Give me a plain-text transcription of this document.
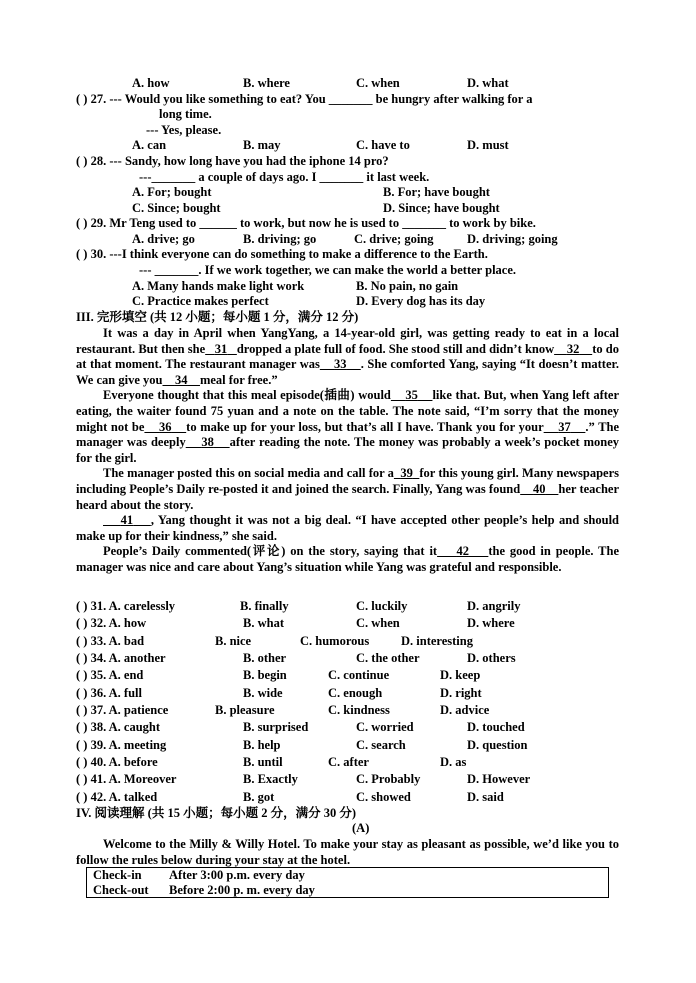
A. how	B. where	C. when	D. what
( ) 27. --- Would you like something to eat? You _______ be hungry after walking for a
long time.
--- Yes, please.
A. can	B. may	C. have to	D. must
( ) 28. --- Sandy, how long have you had the iphone 14 pro?
---_______ a couple of days ago. I _______ it last week.
A. For; bought	B. For; have bought
C. Since; bought	D. Since; have bought
( ) 29. Mr Teng used to ______ to work, but now he is used to _______ to work by bike.
A. drive; go	B. driving; go	C. drive; going	D. driving; going
( ) 30. ---I think everyone can do something to make a difference to the Earth.
--- _______. If we work together, we can make the world a better place.
A. Many hands make light work	B. No pain, no gain
C. Practice makes perfect	D. Every dog has its day
III. 完形填空 (共 12 小题；每小题 1 分，满分 12 分)

It was a day in April when YangYang, a 14-year-old girl, was getting ready to eat in a local restaurant. But then she 31 dropped a plate full of food. She stood still and didn’t know 32 to do at that moment. The restaurant manager was 33 . She comforted Yang, saying “It doesn’t matter. We can give you 34 meal for free.”

Everyone thought that this meal episode(插曲) would 35 like that. But, when Yang left after eating, the waiter found 75 yuan and a note on the table. The note said, “I’m sorry that the money might not be 36 to make up for your loss, but that’s all I have. Thank you for your 37 .” The manager was deeply 38 after reading the note. The money was probably a week’s pocket money for the girl.

The manager posted this on social media and call for a 39 for this young girl. Many newspapers including People’s Daily re-posted it and joined the search. Finally, Yang was found 40 her teacher heard about the story.

41 , Yang thought it was not a big deal. “I have accepted other people’s help and should make up for their kindness,” she said.

People’s Daily commented(评论) on the story, saying that it 42 the good in people. The manager was nice and care about Yang’s situation while Yang was grateful and responsible.

( ) 31. A. carelessly	B. finally	C. luckily	D. angrily
( ) 32. A. how	B. what	C. when	D. where
( ) 33. A. bad	B. nice	C. humorous	D. interesting
( ) 34. A. another	B. other	C. the other	D. others
( ) 35. A. end	B. begin	C. continue	D. keep
( ) 36. A. full	B. wide	C. enough	D. right
( ) 37. A. patience	B. pleasure	C. kindness	D. advice
( ) 38. A. caught	B. surprised	C. worried	D. touched
( ) 39. A. meeting	B. help	C. search	D. question
( ) 40. A. before	B. until	C. after	D. as
( ) 41. A. Moreover	B. Exactly	C. Probably	D. However
( ) 42. A. talked	B. got	C. showed	D. said
IV. 阅读理解 (共 15 小题；每小题 2 分，满分 30 分)
(A)

Welcome to the Milly & Willy Hotel. To make your stay as pleasant as possible, we’d like you to follow the rules below during your stay at the hotel.

Check-in After 3:00 p.m. every day
Check-out Before 2:00 p. m. every day
